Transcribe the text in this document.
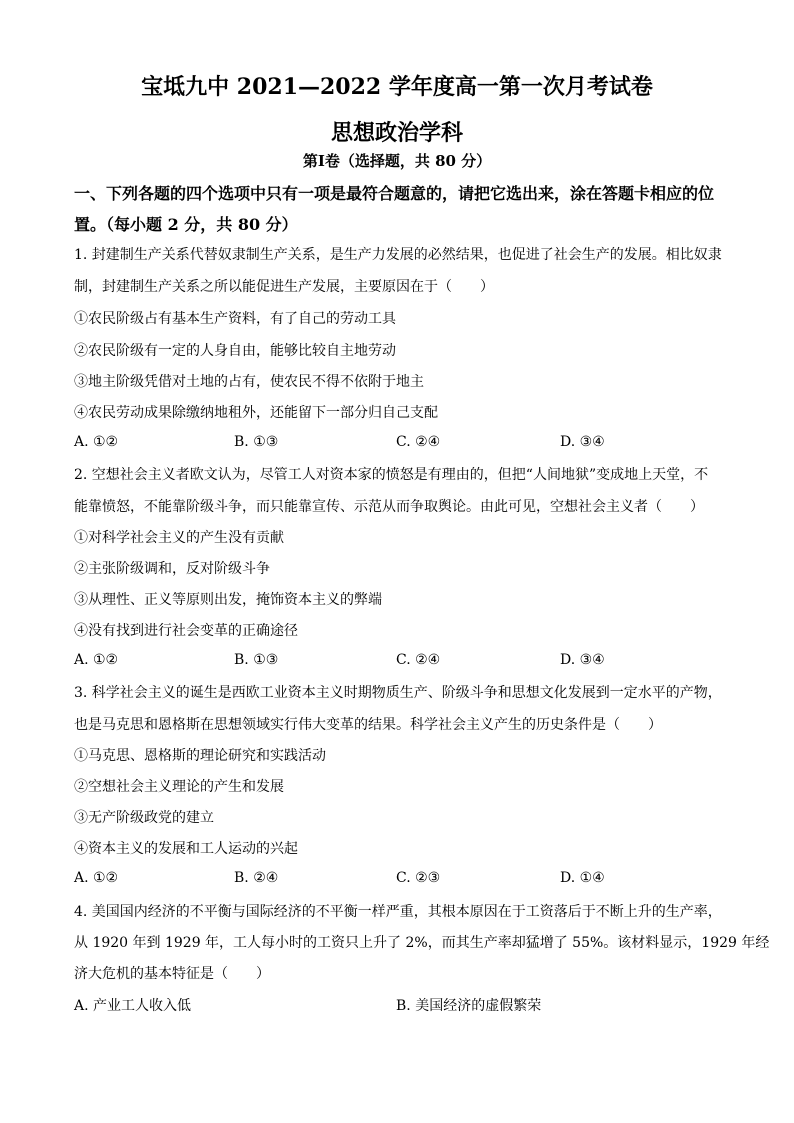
宝坻九中 2021—2022 学年度高一第一次月考试卷
思想政治学科
第Ⅰ卷（选择题，共 80 分）
一、下列各题的四个选项中只有一项是最符合题意的，请把它选出来，涂在答题卡相应的位
置。（每小题 2 分，共 80 分）
1. 封建制生产关系代替奴隶制生产关系，是生产力发展的必然结果，也促进了社会生产的发展。相比奴隶
制，封建制生产关系之所以能促进生产发展，主要原因在于（　　）
①农民阶级占有基本生产资料，有了自己的劳动工具
②农民阶级有一定的人身自由，能够比较自主地劳动
③地主阶级凭借对土地的占有，使农民不得不依附于地主
④农民劳动成果除缴纳地租外，还能留下一部分归自己支配
A. ①②	B. ①③	C. ②④	D. ③④
2. 空想社会主义者欧文认为，尽管工人对资本家的愤怒是有理由的，但把“人间地狱”变成地上天堂，不
能靠愤怒，不能靠阶级斗争，而只能靠宣传、示范从而争取舆论。由此可见，空想社会主义者（　　）
①对科学社会主义的产生没有贡献
②主张阶级调和，反对阶级斗争
③从理性、正义等原则出发，掩饰资本主义的弊端
④没有找到进行社会变革的正确途径
A. ①②	B. ①③	C. ②④	D. ③④
3. 科学社会主义的诞生是西欧工业资本主义时期物质生产、阶级斗争和思想文化发展到一定水平的产物，
也是马克思和恩格斯在思想领域实行伟大变革的结果。科学社会主义产生的历史条件是（　　）
①马克思、恩格斯的理论研究和实践活动
②空想社会主义理论的产生和发展
③无产阶级政党的建立
④资本主义的发展和工人运动的兴起
A. ①②	B. ②④	C. ②③	D. ①④
4. 美国国内经济的不平衡与国际经济的不平衡一样严重，其根本原因在于工资落后于不断上升的生产率，
从 1920 年到 1929 年，工人每小时的工资只上升了 2%，而其生产率却猛增了 55%。该材料显示，1929 年经
济大危机的基本特征是（　　）
A. 产业工人收入低	B. 美国经济的虚假繁荣
